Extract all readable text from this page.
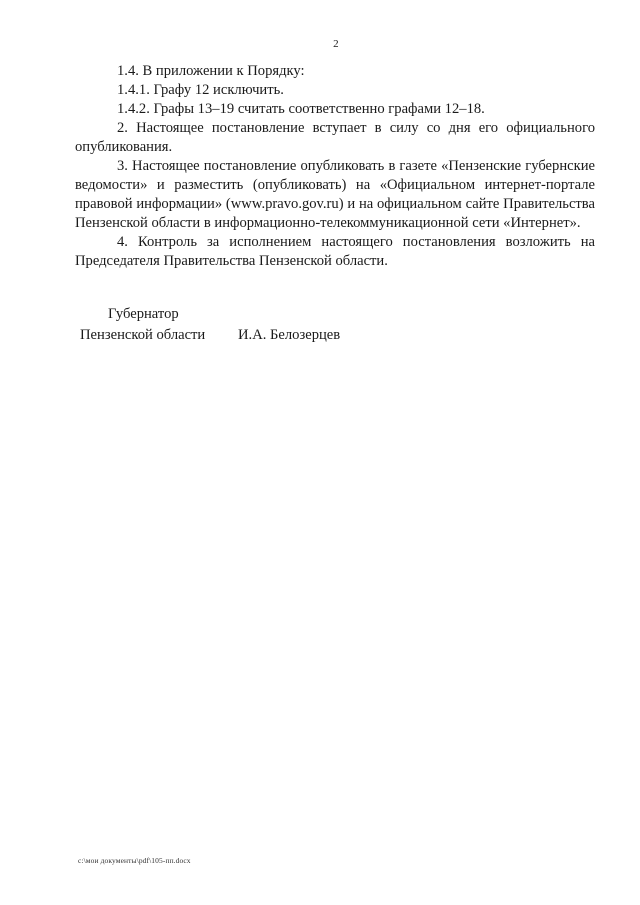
2

1.4. В приложении к Порядку:

1.4.1. Графу 12 исключить.

1.4.2. Графы 13–19 считать соответственно графами 12–18.

2. Настоящее постановление вступает в силу со дня его официального опубликования.

3. Настоящее постановление опубликовать в газете «Пензенские губернские ведомости» и разместить (опубликовать) на «Официальном интернет-портале правовой информации» (www.pravo.gov.ru) и на официальном сайте Правительства Пензенской области в информационно-телекоммуникационной сети «Интернет».

4. Контроль за исполнением настоящего постановления возложить на Председателя Правительства Пензенской области.

Губернатор
Пензенской области И.А. Белозерцев
c:\мои документы\pdf\105-пп.docx
